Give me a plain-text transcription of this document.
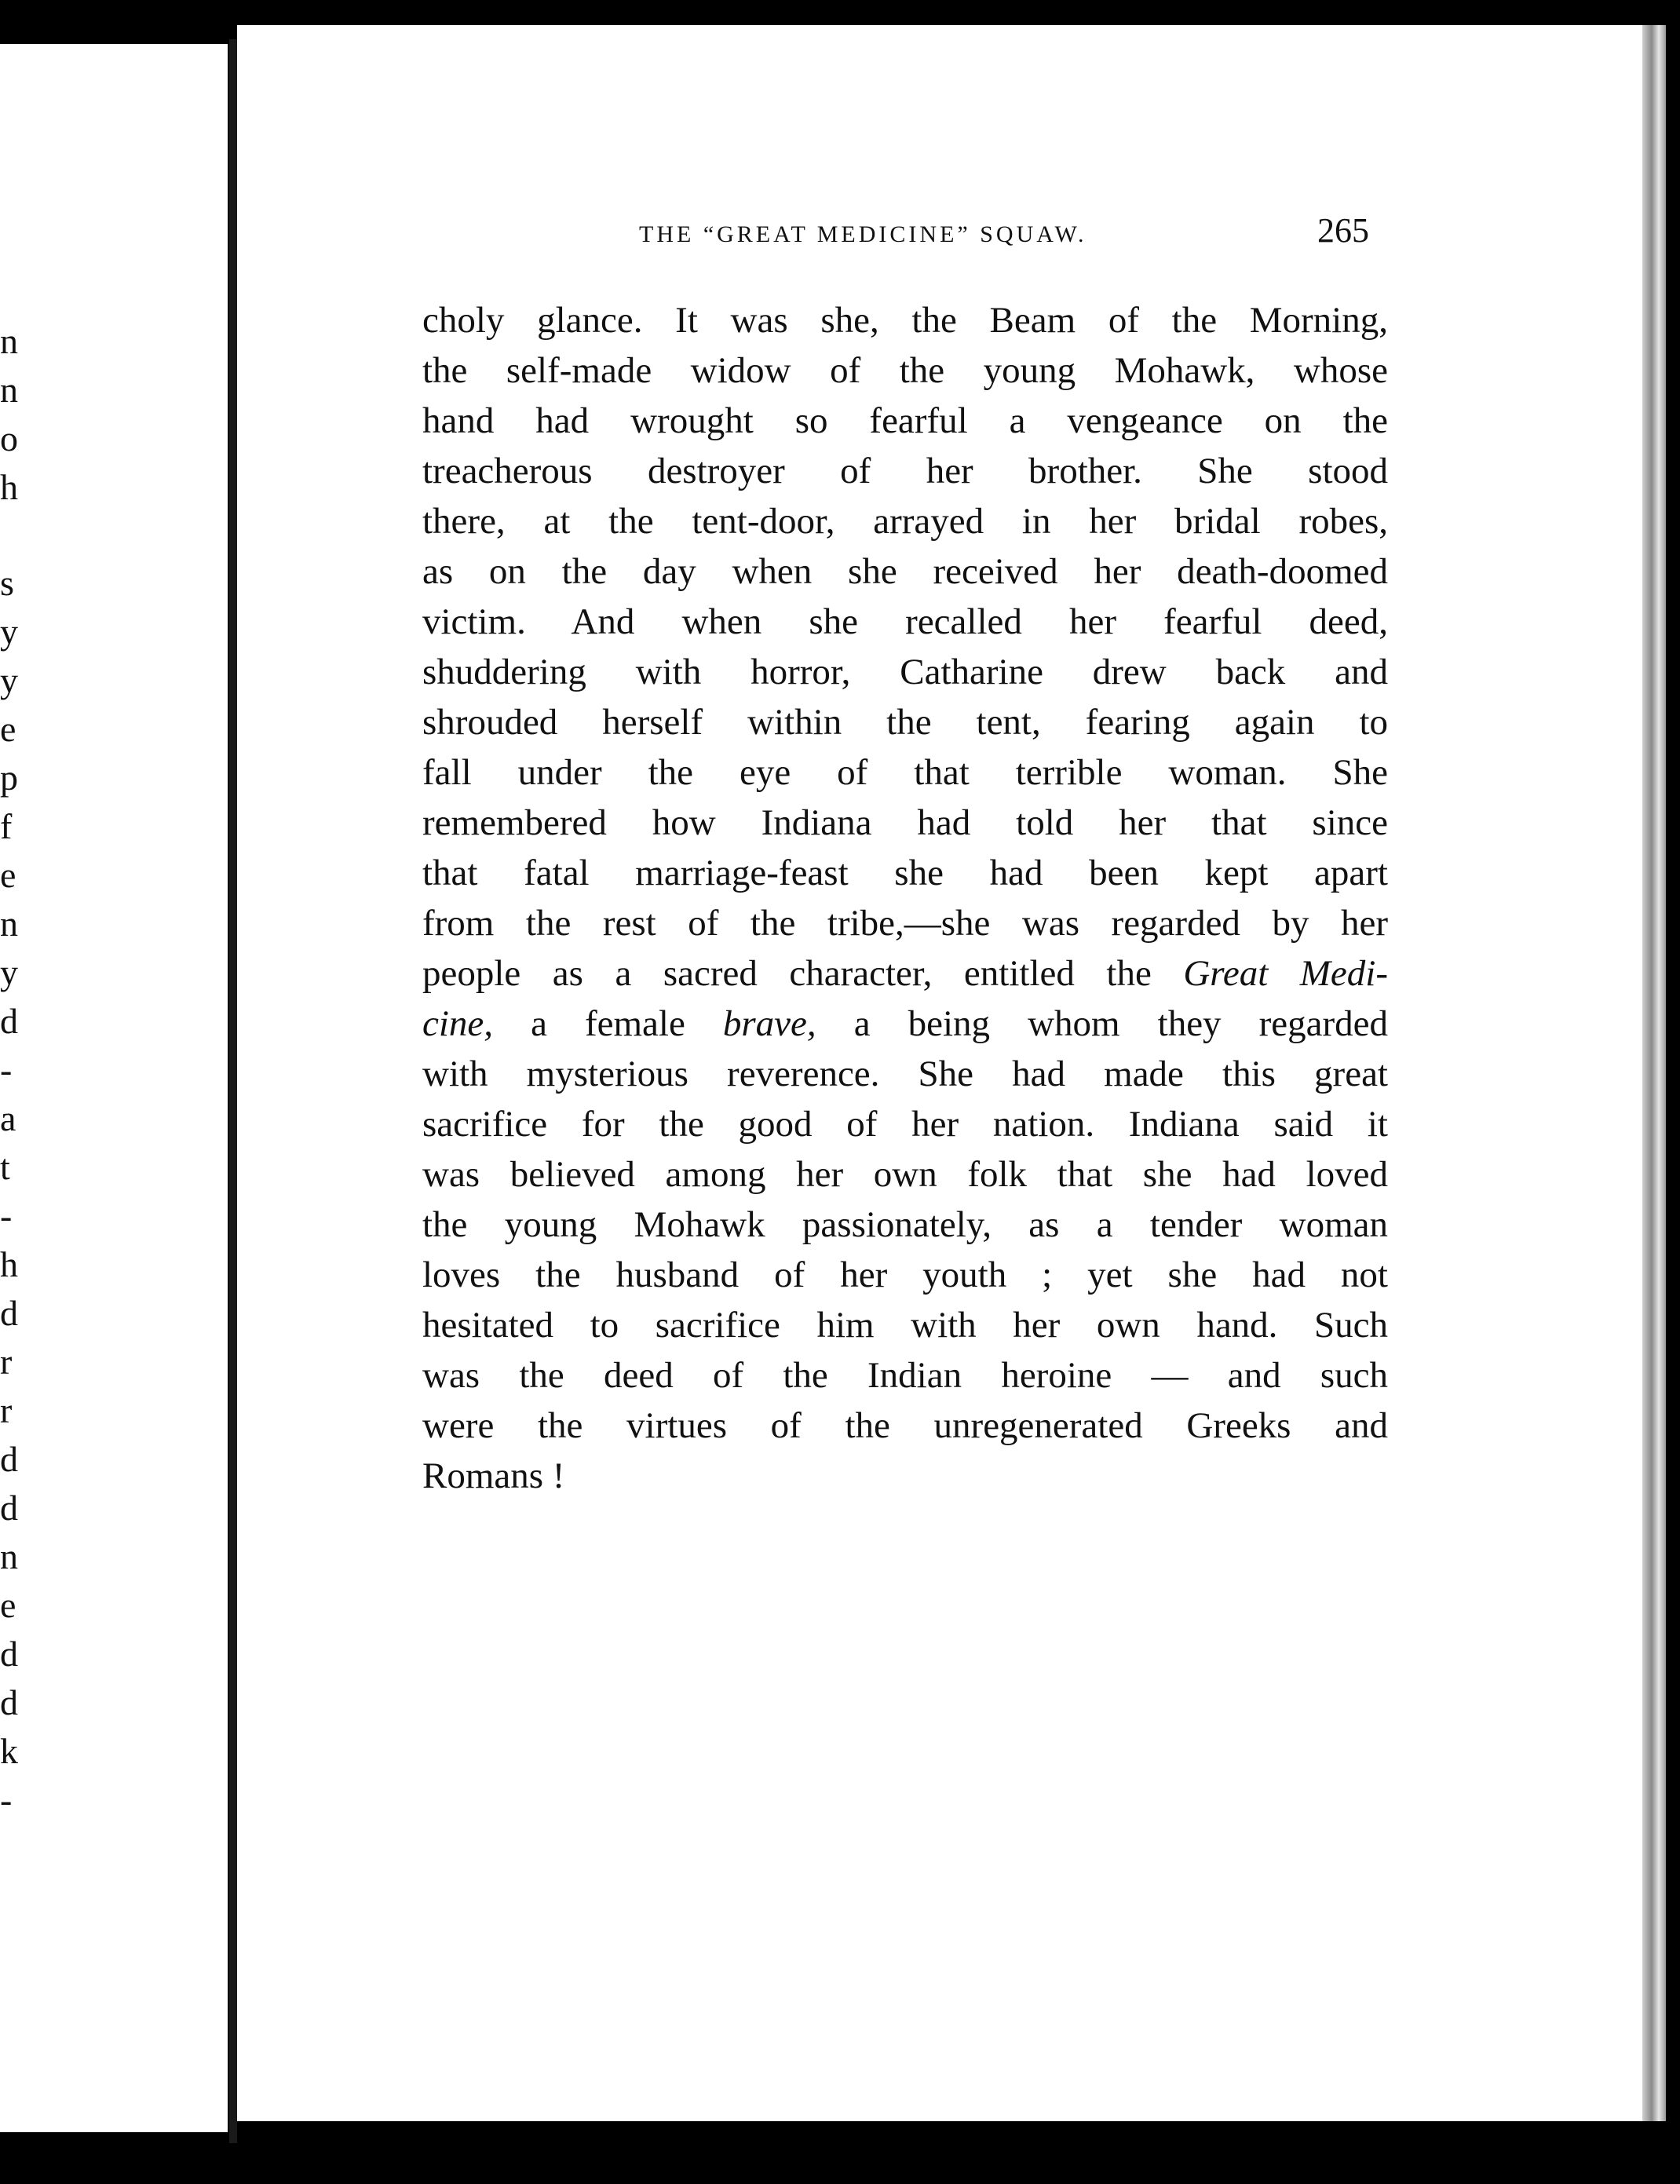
n
n
o
h
s
y
y
e
p
f
e
n
y
d
-
a
t
-
h
d
r
r
d
d
n
e
d
d
k
-
THE “GREAT MEDICINE” SQUAW.	265
choly glance. It was she, the Beam of the Morning,
the self-made widow of the young Mohawk, whose
hand had wrought so fearful a vengeance on the
treacherous destroyer of her brother. She stood
there, at the tent-door, arrayed in her bridal robes,
as on the day when she received her death-doomed
victim. And when she recalled her fearful deed,
shuddering with horror, Catharine drew back and
shrouded herself within the tent, fearing again to
fall under the eye of that terrible woman. She
remembered how Indiana had told her that since
that fatal marriage-feast she had been kept apart
from the rest of the tribe,—she was regarded by her
people as a sacred character, entitled the Great Medi-
cine, a female brave, a being whom they regarded
with mysterious reverence. She had made this great
sacrifice for the good of her nation. Indiana said it
was believed among her own folk that she had loved
the young Mohawk passionately, as a tender woman
loves the husband of her youth ; yet she had not
hesitated to sacrifice him with her own hand. Such
was the deed of the Indian heroine — and such
were the virtues of the unregenerated Greeks and
Romans !
